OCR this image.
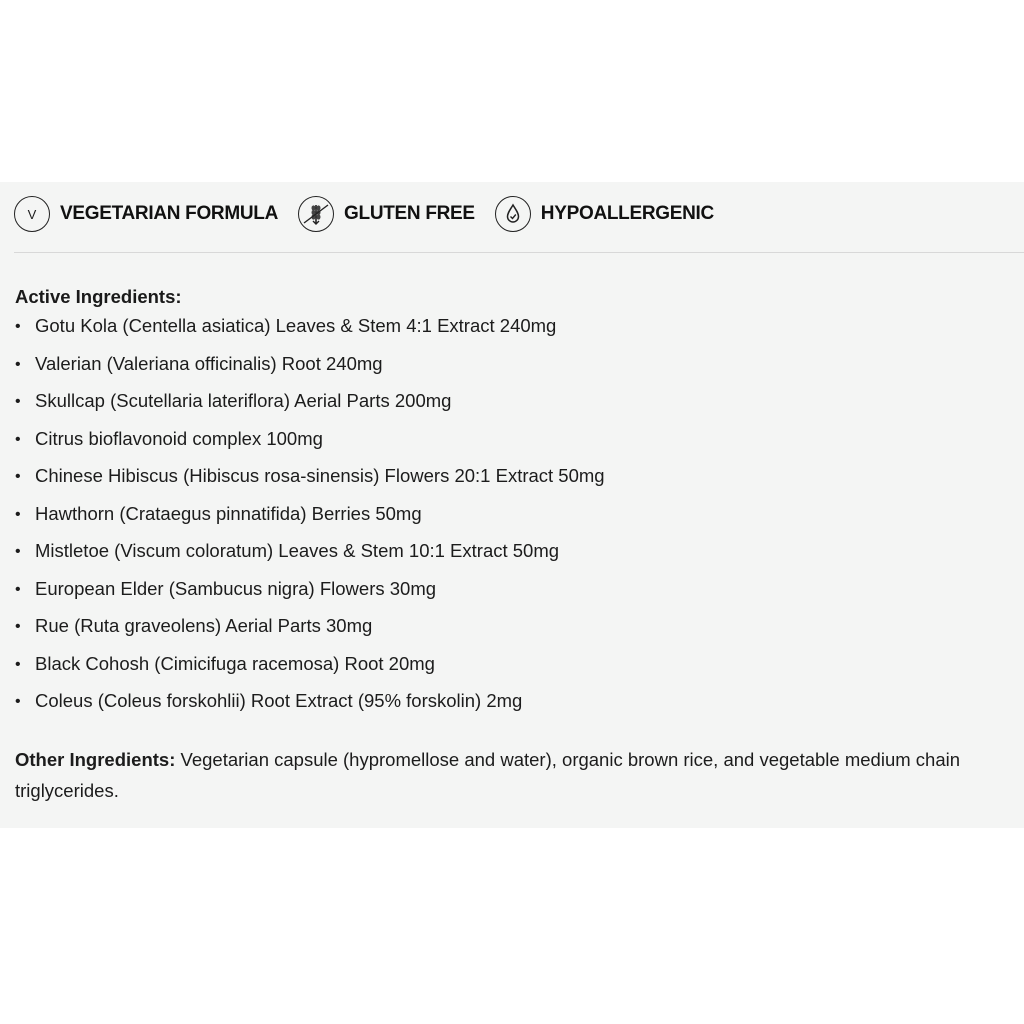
V VEGETARIAN FORMULA	GLUTEN FREE	HYPOALLERGENIC
Active Ingredients:
• Gotu Kola (Centella asiatica) Leaves & Stem 4:1 Extract 240mg
• Valerian (Valeriana officinalis) Root 240mg
• Skullcap (Scutellaria lateriflora) Aerial Parts 200mg
• Citrus bioflavonoid complex 100mg
• Chinese Hibiscus (Hibiscus rosa-sinensis) Flowers 20:1 Extract 50mg
• Hawthorn (Crataegus pinnatifida) Berries 50mg
• Mistletoe (Viscum coloratum) Leaves & Stem 10:1 Extract 50mg
• European Elder (Sambucus nigra) Flowers 30mg
• Rue (Ruta graveolens) Aerial Parts 30mg
• Black Cohosh (Cimicifuga racemosa) Root 20mg
• Coleus (Coleus forskohlii) Root Extract (95% forskolin) 2mg
Other Ingredients: Vegetarian capsule (hypromellose and water), organic brown rice, and vegetable medium chain triglycerides.
